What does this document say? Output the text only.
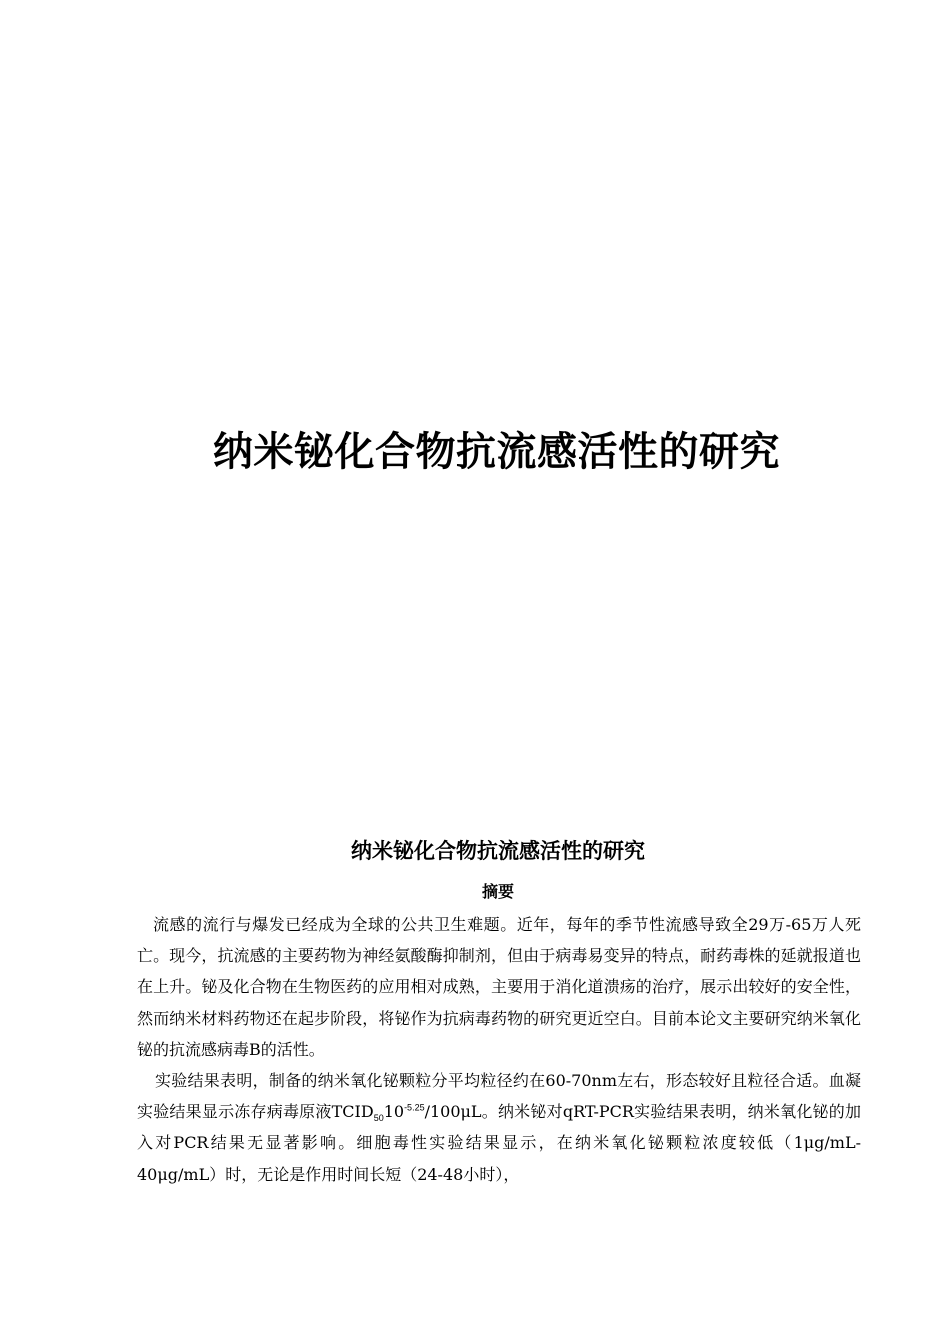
纳米铋化合物抗流感活性的研究
纳米铋化合物抗流感活性的研究
摘要

流感的流行与爆发已经成为全球的公共卫生难题。近年，每年的季节性流感导致全29万-65万人死亡。现今，抗流感的主要药物为神经氨酸酶抑制剂，但由于病毒易变异的特点，耐药毒株的延就报道也在上升。铋及化合物在生物医药的应用相对成熟，主要用于消化道溃疡的治疗，展示出较好的安全性，然而纳米材料药物还在起步阶段，将铋作为抗病毒药物的研究更近空白。目前本论文主要研究纳米氧化铋的抗流感病毒B的活性。

实验结果表明，制备的纳米氧化铋颗粒分平均粒径约在60-70nm左右，形态较好且粒径合适。血凝实验结果显示冻存病毒原液$TCID_{50}10^{-5.25}/100\mu L$。纳米铋对qRT-PCR实验结果表明，纳米氧化铋的加入对PCR结果无显著影响。细胞毒性实验结果显示，在纳米氧化铋颗粒浓度较低（1μg/mL-40μg/mL）时，无论是作用时间长短（24-48小时），
